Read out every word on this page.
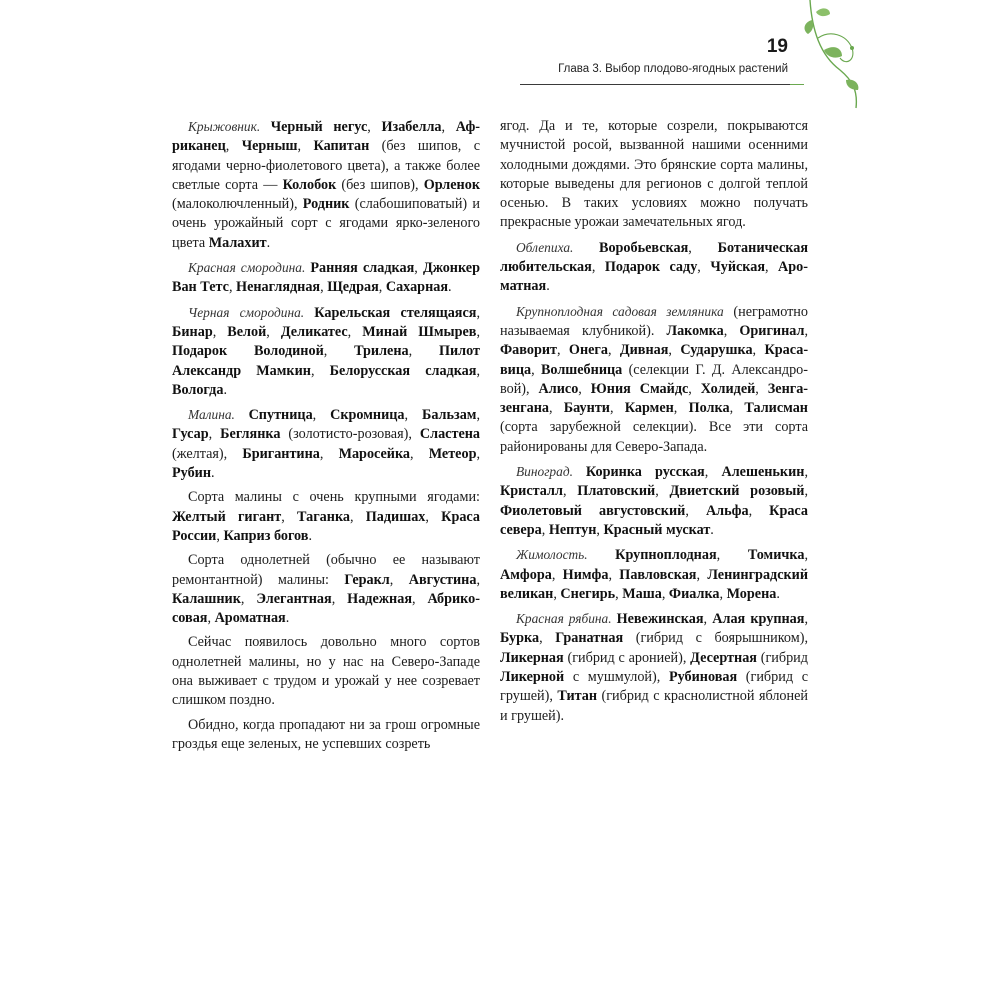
19
Глава 3. Выбор плодово-ягодных растений

Крыжовник. Черный негус, Изабелла, Африканец, Черныш, Капитан (без шипов, с ягодами черно-фиолетового цвета), а также более светлые сорта — Колобок (без шипов), Орленок (малоколючленный), Родник (слабошиповатый) и очень урожайный сорт с ягодами ярко-зеленого цвета Малахит.

Красная смородина. Ранняя сладкая, Джонкер Ван Тетс, Ненаглядная, Щедрая, Сахарная.

Черная смородина. Карельская стелящаяся, Бинар, Велой, Деликатес, Минай Шмырев, Подарок Володиной, Трилена, Пилот Александр Мамкин, Белорусская сладкая, Вологда.

Малина. Спутница, Скромница, Бальзам, Гусар, Беглянка (золотисто-розовая), Сластена (желтая), Бригантина, Маросейка, Метеор, Рубин.

Сорта малины с очень крупными ягодами: Желтый гигант, Таганка, Падишах, Краса России, Каприз богов.

Сорта однолетней (обычно ее называют ремонтантной) малины: Геракл, Августина, Калашник, Элегантная, Надежная, Абрикосовая, Ароматная.

Сейчас появилось довольно много сортов однолетней малины, но у нас на Северо-Западе она выживает с трудом и урожай у нее созревает слишком поздно.

Обидно, когда пропадают ни за грош огромные гроздья еще зеленых, не успевших созреть

ягод. Да и те, которые созрели, покрываются мучнистой росой, вызванной нашими осенними холодными дождями. Это брянские сорта малины, которые выведены для регионов с долгой теплой осенью. В таких условиях можно получать прекрасные урожаи замечательных ягод.

Облепиха. Воробьевская, Ботаническая любительская, Подарок саду, Чуйская, Ароматная.

Крупноплодная садовая земляника (неграмотно называемая клубникой). Лакомка, Оригинал, Фаворит, Онега, Дивная, Сударушка, Красавица, Волшебница (селекции Г. Д. Александровой), Алисо, Юния Смайдс, Холидей, Зенгазенгана, Баунти, Кармен, Полка, Талисман (сорта зарубежной селекции). Все эти сорта районированы для Северо-Запада.

Виноград. Коринка русская, Алешенькин, Кристалл, Платовский, Двиетский розовый, Фиолетовый августовский, Альфа, Краса севера, Нептун, Красный мускат.

Жимолость. Крупноплодная, Томичка, Амфора, Нимфа, Павловская, Ленинградский великан, Снегирь, Маша, Фиалка, Морена.

Красная рябина. Невежинская, Алая крупная, Бурка, Гранатная (гибрид с боярышником), Ликерная (гибрид с аронией), Десертная (гибрид Ликерной с мушмулой), Рубиновая (гибрид с грушей), Титан (гибрид с краснолистной яблоней и грушей).
